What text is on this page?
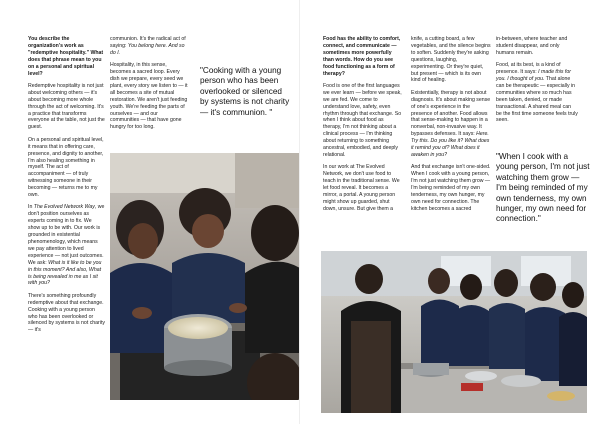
You describe the organization's work as "redemptive hospitality." What does that phrase mean to you on a personal and spiritual level?

Redemptive hospitality is not just about welcoming others — it's about becoming more whole through the act of welcoming. It's a practice that transforms everyone at the table, not just the guest.

On a personal and spiritual level, it means that in offering care, presence, and dignity to another, I'm also healing something in myself. The act of accompaniment — of truly witnessing someone in their becoming — returns me to my own.

In The Evolved Network Way, we don't position ourselves as experts coming in to fix. We show up to be with. Our work is grounded in existential phenomenology, which means we pay attention to lived experience — not just outcomes. We ask: What is it like to be you in this moment? And also, What is being revealed in me as I sit with you?

There's something profoundly redemptive about that exchange. Cooking with a young person who has been overlooked or silenced by systems is not charity — it's

communion. It's the radical act of saying: You belong here. And so do I.

Hospitality, in this sense, becomes a sacred loop. Every dish we prepare, every seed we plant, every story we listen to — it all becomes a site of mutual restoration. We aren't just feeding youth. We're feeding the parts of ourselves — and our communities — that have gone hungry for too long.

"Cooking with a young person who has been overlooked or silenced by systems is not charity — it's communion. "

Food has the ability to comfort, connect, and communicate — sometimes more powerfully than words. How do you see food functioning as a form of therapy?

Food is one of the first languages we ever learn — before we speak, we are fed. We come to understand love, safety, even rhythm through that exchange. So when I think about food as therapy, I'm not thinking about a clinical process — I'm thinking about returning to something ancestral, embodied, and deeply relational.

In our work at The Evolved Network, we don't use food to teach in the traditional sense. We let food reveal. It becomes a mirror, a portal. A young person might show up guarded, shut down, unsure. But give them a

knife, a cutting board, a few vegetables, and the silence begins to soften. Suddenly they're asking questions, laughing, experimenting. Or they're quiet, but present — which is its own kind of healing.

Existentially, therapy is not about diagnosis. It's about making sense of one's experience in the presence of another. Food allows that sense-making to happen in a nonverbal, non-invasive way. It bypasses defenses. It says: Here. Try this. Do you like it? What does it remind you of? What does it awaken in you?

And that exchange isn't one-sided. When I cook with a young person, I'm not just watching them grow — I'm being reminded of my own tenderness, my own hunger, my own need for connection. The kitchen becomes a sacred

in-between, where teacher and student disappear, and only humans remain.

Food, at its best, is a kind of presence. It says: I made this for you. I thought of you. That alone can be therapeutic — especially in communities where so much has been taken, denied, or made transactional. A shared meal can be the first time someone feels truly seen.

"When I cook with a young person, I'm not just watching them grow — I'm being reminded of my own tenderness, my own hunger, my own need for connection."
